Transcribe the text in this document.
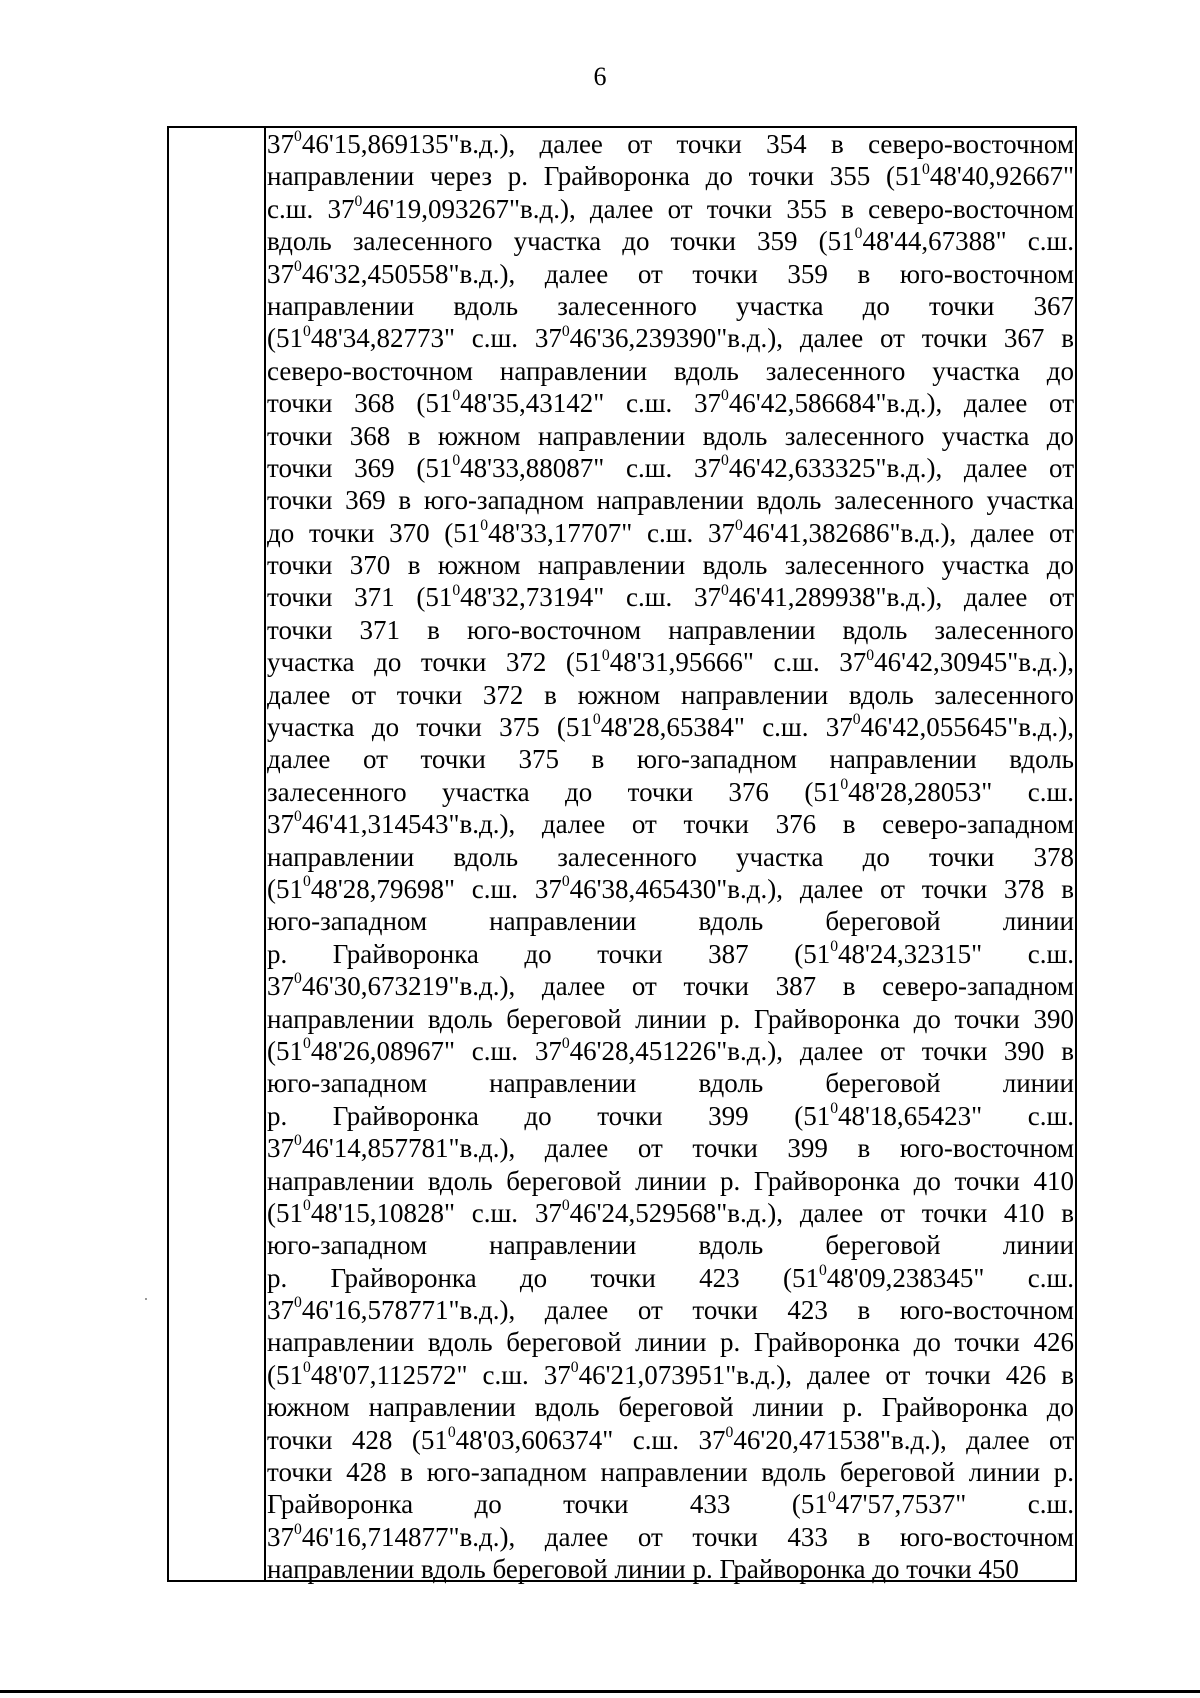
6
$37^046'15,869135"в.д$.), далее от точки 354 в северо-восточном
направлении через р. Грайворонка до точки 355 ($51^048'40,92667$"
с.ш. $37^046'19,093267"в.д$.), далее от точки 355 в северо-восточном
вдоль залесенного участка до точки 359 ($51^048'44,67388$" с.ш.
$37^046'32,450558"в.д$.), далее от точки 359 в юго-восточном
направлении вдоль залесенного участка до точки 367
($51^048'34,82773$" с.ш. $37^046'36,239390"в.д$.), далее от точки 367 в
северо-восточном направлении вдоль залесенного участка до
точки 368 ($51^048'35,43142$" с.ш. $37^046'42,586684"в.д$.), далее от
точки 368 в южном направлении вдоль залесенного участка до
точки 369 ($51^048'33,88087$" с.ш. $37^046'42,633325"в.д$.), далее от
точки 369 в юго-западном направлении вдоль залесенного участка
до точки 370 ($51^048'33,17707$" с.ш. $37^046'41,382686"в.д$.), далее от
точки 370 в южном направлении вдоль залесенного участка до
точки 371 ($51^048'32,73194$" с.ш. $37^046'41,289938"в.д$.), далее от
точки 371 в юго-восточном направлении вдоль залесенного
участка до точки 372 ($51^048'31,95666$" с.ш. $37^046'42,30945"в.д$.),
далее от точки 372 в южном направлении вдоль залесенного
участка до точки 375 ($51^048'28,65384$" с.ш. $37^046'42,055645"в.д$.),
далее от точки 375 в юго-западном направлении вдоль
залесенного участка до точки 376 ($51^048'28,28053$" с.ш.
$37^046'41,314543"в.д$.), далее от точки 376 в северо-западном
направлении вдоль залесенного участка до точки 378
($51^048'28,79698$" с.ш. $37^046'38,465430"в.д$.), далее от точки 378 в
юго-западном направлении вдоль береговой линии
р. Грайворонка до точки 387 ($51^048'24,32315$" с.ш.
$37^046'30,673219"в.д$.), далее от точки 387 в северо-западном
направлении вдоль береговой линии р. Грайворонка до точки 390
($51^048'26,08967$" с.ш. $37^046'28,451226"в.д$.), далее от точки 390 в
юго-западном направлении вдоль береговой линии
р. Грайворонка до точки 399 ($51^048'18,65423$" с.ш.
$37^046'14,857781"в.д$.), далее от точки 399 в юго-восточном
направлении вдоль береговой линии р. Грайворонка до точки 410
($51^048'15,10828$" с.ш. $37^046'24,529568"в.д$.), далее от точки 410 в
юго-западном направлении вдоль береговой линии
р. Грайворонка до точки 423 ($51^048'09,238345$" с.ш.
$37^046'16,578771"в.д$.), далее от точки 423 в юго-восточном
направлении вдоль береговой линии р. Грайворонка до точки 426
($51^048'07,112572$" с.ш. $37^046'21,073951"в.д$.), далее от точки 426 в
южном направлении вдоль береговой линии р. Грайворонка до
точки 428 ($51^048'03,606374$" с.ш. $37^046'20,471538"в.д$.), далее от
точки 428 в юго-западном направлении вдоль береговой линии р.
Грайворонка до точки 433 ($51^047'57,7537$" с.ш.
$37^046'16,714877"в.д$.), далее от точки 433 в юго-восточном
направлении вдоль береговой линии р. Грайворонка до точки 450
